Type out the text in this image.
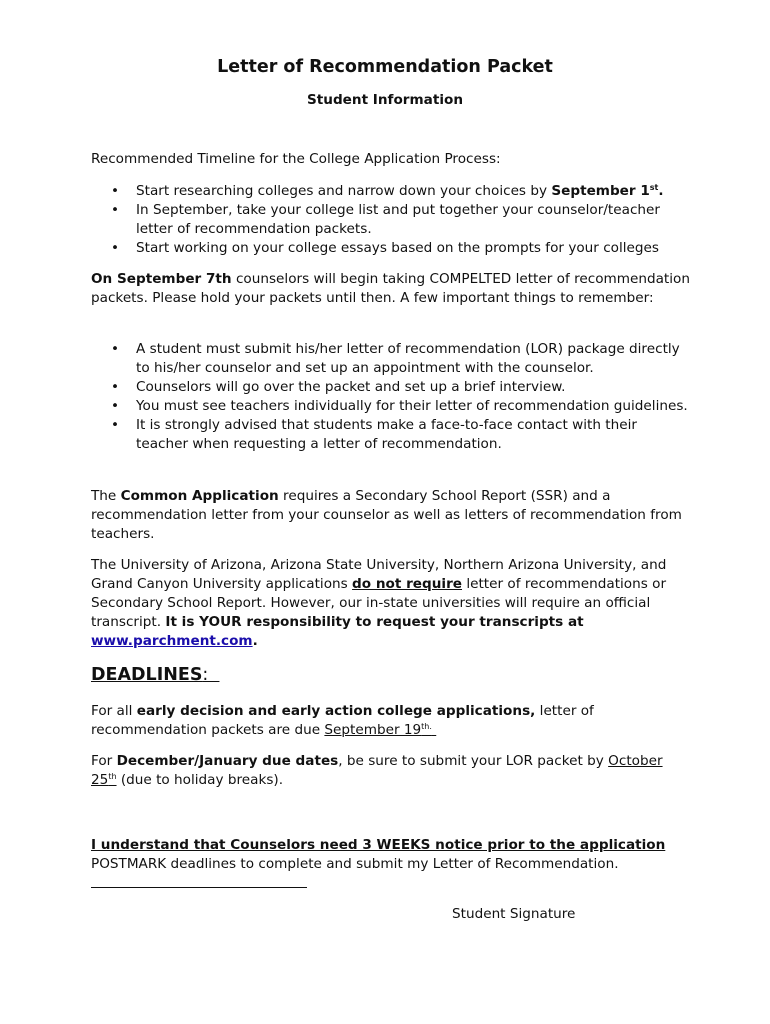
Letter of Recommendation Packet
Student Information

Recommended Timeline for the College Application Process:

• Start researching colleges and narrow down your choices by September 1st.
• In September, take your college list and put together your counselor/teacher letter of recommendation packets.
• Start working on your college essays based on the prompts for your colleges

On September 7th counselors will begin taking COMPELTED letter of recommendation packets. Please hold your packets until then. A few important things to remember:

• A student must submit his/her letter of recommendation (LOR) package directly to his/her counselor and set up an appointment with the counselor.
• Counselors will go over the packet and set up a brief interview.
• You must see teachers individually for their letter of recommendation guidelines.
• It is strongly advised that students make a face-to-face contact with their teacher when requesting a letter of recommendation.

The Common Application requires a Secondary School Report (SSR) and a recommendation letter from your counselor as well as letters of recommendation from teachers.

The University of Arizona, Arizona State University, Northern Arizona University, and Grand Canyon University applications do not require letter of recommendations or Secondary School Report. However, our in-state universities will require an official transcript. It is YOUR responsibility to request your transcripts at www.parchment.com.

DEADLINES:

For all early decision and early action college applications, letter of recommendation packets are due September $19^{th.}$

For December/January due dates, be sure to submit your LOR packet by October 25th (due to holiday breaks).

I understand that Counselors need 3 WEEKS notice prior to the application POSTMARK deadlines to complete and submit my Letter of Recommendation.

Student Signature
